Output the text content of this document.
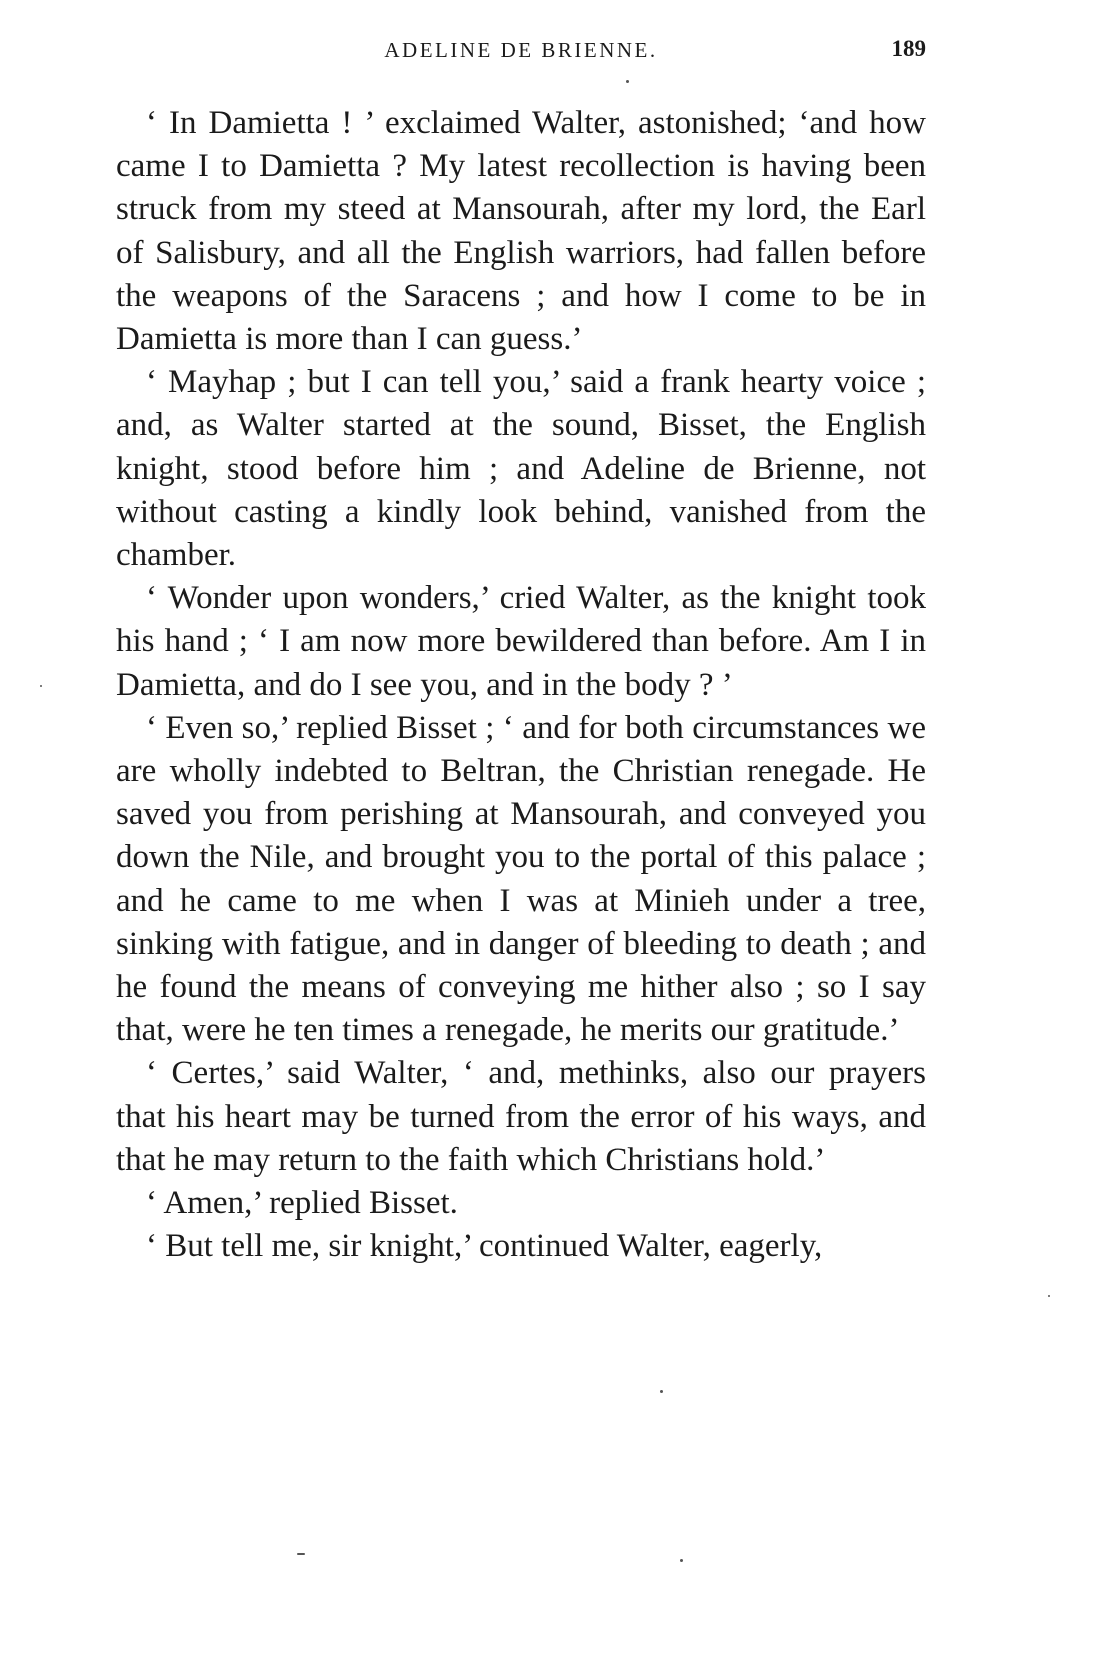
ADELINE DE BRIENNE.	189

‘ In Damietta ! ’ exclaimed Walter, astonished; ‘and how came I to Damietta ? My latest recollection is having been struck from my steed at Mansourah, after my lord, the Earl of Salisbury, and all the English warriors, had fallen before the weapons of the Saracens ; and how I come to be in Damietta is more than I can guess.’

‘ Mayhap ; but I can tell you,’ said a frank hearty voice ; and, as Walter started at the sound, Bisset, the English knight, stood before him ; and Adeline de Brienne, not without casting a kindly look behind, vanished from the chamber.

‘ Wonder upon wonders,’ cried Walter, as the knight took his hand ; ‘ I am now more bewildered than before. Am I in Damietta, and do I see you, and in the body ? ’

‘ Even so,’ replied Bisset ; ‘ and for both circumstances we are wholly indebted to Beltran, the Christian renegade. He saved you from perishing at Mansourah, and conveyed you down the Nile, and brought you to the portal of this palace ; and he came to me when I was at Minieh under a tree, sinking with fatigue, and in danger of bleeding to death ; and he found the means of conveying me hither also ; so I say that, were he ten times a renegade, he merits our gratitude.’

‘ Certes,’ said Walter, ‘ and, methinks, also our prayers that his heart may be turned from the error of his ways, and that he may return to the faith which Christians hold.’

‘ Amen,’ replied Bisset.

‘ But tell me, sir knight,’ continued Walter, eagerly,
